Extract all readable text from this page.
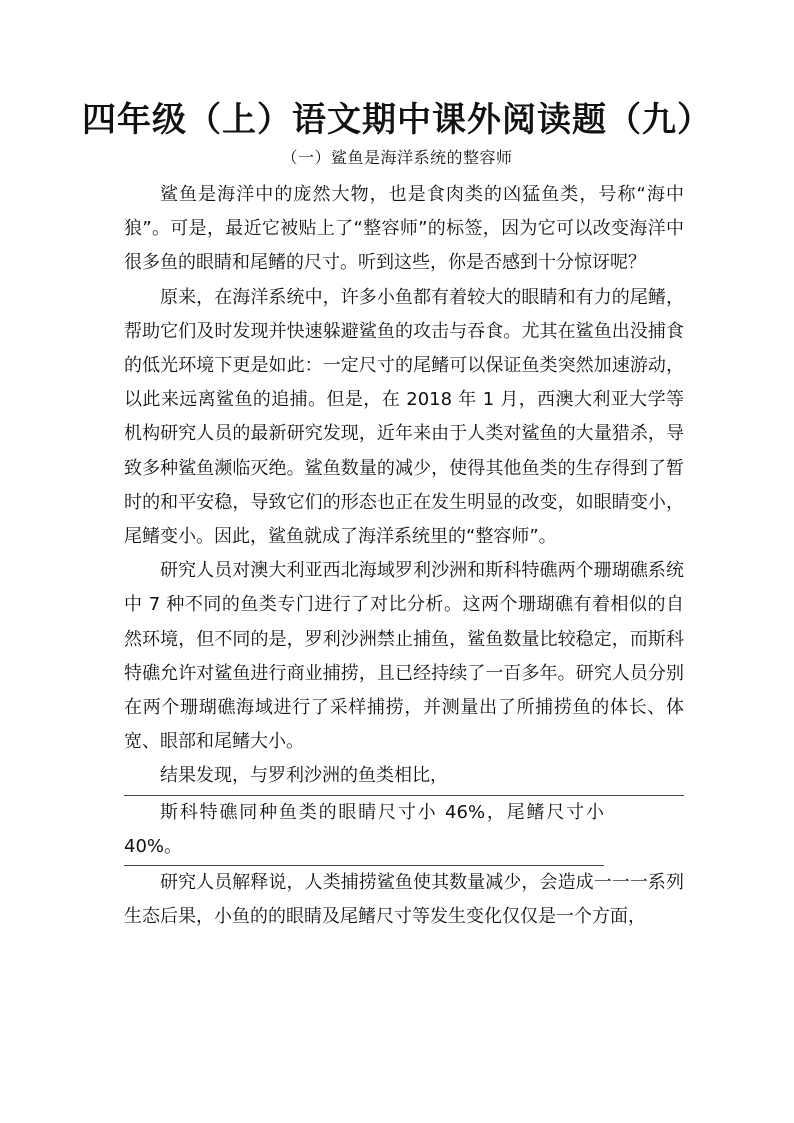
四年级（上）语文期中课外阅读题（九）
（一）鲨鱼是海洋系统的整容师

鲨鱼是海洋中的庞然大物，也是食肉类的凶猛鱼类，号称“海中狼”。可是，最近它被贴上了“整容师”的标签，因为它可以改变海洋中很多鱼的眼睛和尾鳍的尺寸。听到这些，你是否感到十分惊讶呢？

原来，在海洋系统中，许多小鱼都有着较大的眼睛和有力的尾鳍，帮助它们及时发现并快速躲避鲨鱼的攻击与吞食。尤其在鲨鱼出没捕食的低光环境下更是如此：一定尺寸的尾鳍可以保证鱼类突然加速游动，以此来远离鲨鱼的追捕。但是，在 2018 年 1 月，西澳大利亚大学等机构研究人员的最新研究发现，近年来由于人类对鲨鱼的大量猎杀，导致多种鲨鱼濒临灭绝。鲨鱼数量的减少，使得其他鱼类的生存得到了暂时的和平安稳，导致它们的形态也正在发生明显的改变，如眼睛变小，尾鳍变小。因此，鲨鱼就成了海洋系统里的“整容师”。

研究人员对澳大利亚西北海域罗利沙洲和斯科特礁两个珊瑚礁系统中 7 种不同的鱼类专门进行了对比分析。这两个珊瑚礁有着相似的自然环境，但不同的是，罗利沙洲禁止捕鱼，鲨鱼数量比较稳定，而斯科特礁允许对鲨鱼进行商业捕捞，且已经持续了一百多年。研究人员分别在两个珊瑚礁海域进行了采样捕捞，并测量出了所捕捞鱼的体长、体宽、眼部和尾鳍大小。
结果发现，与罗利沙洲的鱼类相比，
斯科特礁同种鱼类的眼睛尺寸小 46%，尾鳍尺寸小 40%。

研究人员解释说，人类捕捞鲨鱼使其数量减少，会造成一一一系列生态后果，小鱼的的眼睛及尾鳍尺寸等发生变化仅仅是一个方面，
